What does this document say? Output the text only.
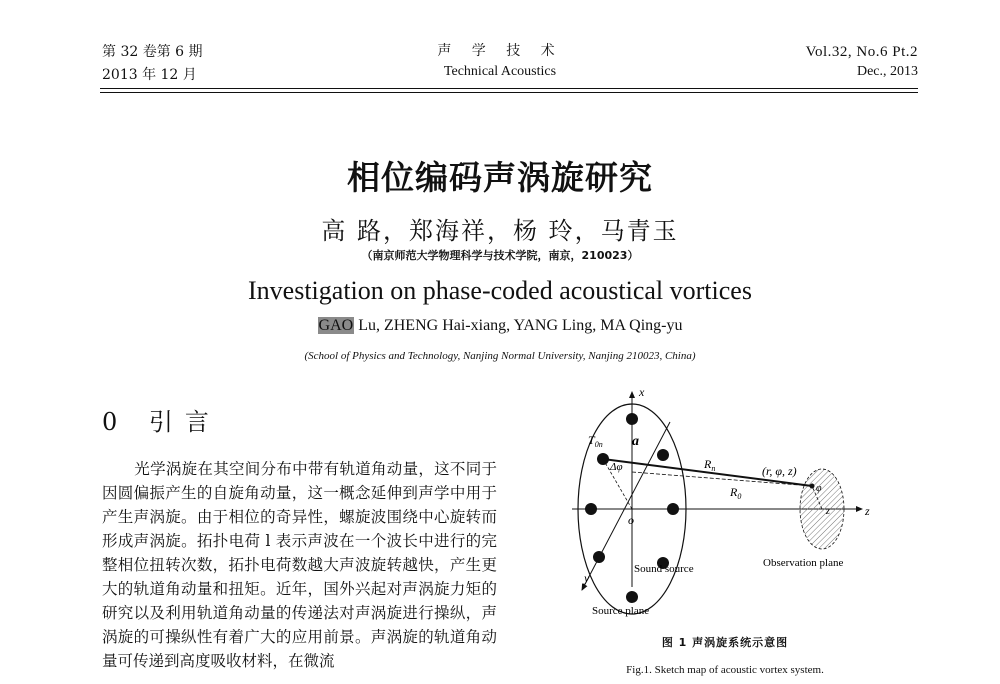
第 32 卷第 6 期
2013 年 12 月
声 学 技 术
Technical Acoustics
Vol.32, No.6 Pt.2
Dec., 2013
相位编码声涡旋研究
高 路，郑海祥，杨 玲，马青玉
（南京师范大学物理科学与技术学院，南京，210023）
Investigation on phase-coded acoustical vortices
GAO Lu, ZHENG Hai-xiang, YANG Ling, MA Qing-yu
(School of Physics and Technology, Nanjing Normal University, Nanjing 210023, China)
0 引言

光学涡旋在其空间分布中带有轨道角动量，这不同于因圆偏振产生的自旋角动量，这一概念延伸到声学中用于产生声涡旋。由于相位的奇异性，螺旋波围绕中心旋转而形成声涡旋。拓扑电荷 l 表示声波在一个波长中进行的完整相位扭转次数，拓扑电荷数越大声波旋转越快，产生更大的轨道角动量和扭矩。近年，国外兴起对声涡旋力矩的研究以及利用轨道角动量的传递法对声涡旋进行操纵，声涡旋的可操纵性有着广大的应用前景。声涡旋的轨道角动量可传递到高度吸收材料，在微流

x
z
y
o
a
$T_{0n}$
Δφ	$R_n$
$R_0$
(r, φ, z)
φ
z
Sound source	Observation plane
Source plane
图 1 声涡旋系统示意图
Fig.1. Sketch map of acoustic vortex system.
